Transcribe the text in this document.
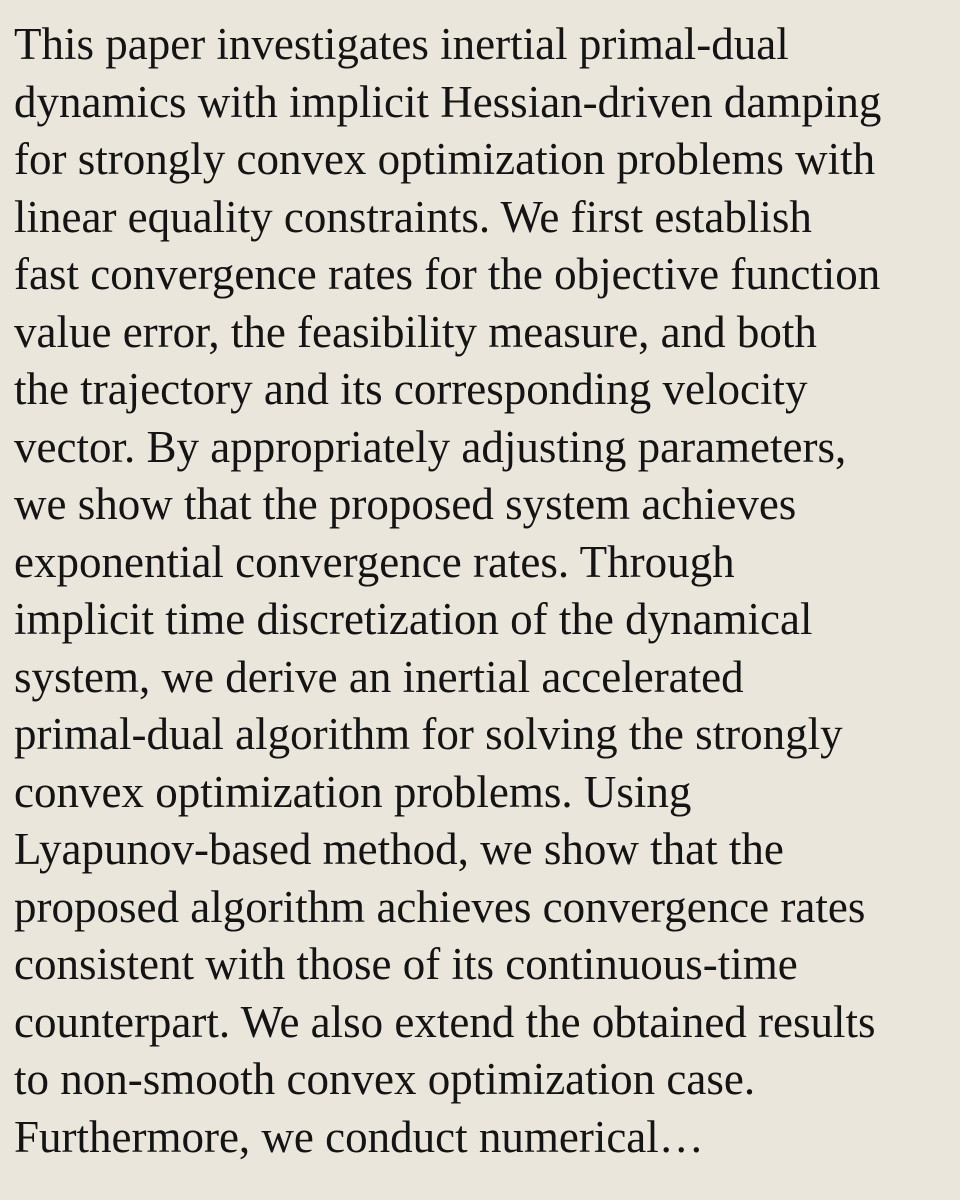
This paper investigates inertial primal-dual
dynamics with implicit Hessian-driven damping
for strongly convex optimization problems with
linear equality constraints. We first establish
fast convergence rates for the objective function
value error, the feasibility measure, and both
the trajectory and its corresponding velocity
vector. By appropriately adjusting parameters,
we show that the proposed system achieves
exponential convergence rates. Through
implicit time discretization of the dynamical
system, we derive an inertial accelerated
primal-dual algorithm for solving the strongly
convex optimization problems. Using
Lyapunov-based method, we show that the
proposed algorithm achieves convergence rates
consistent with those of its continuous-time
counterpart. We also extend the obtained results
to non-smooth convex optimization case.
Furthermore, we conduct numerical…
